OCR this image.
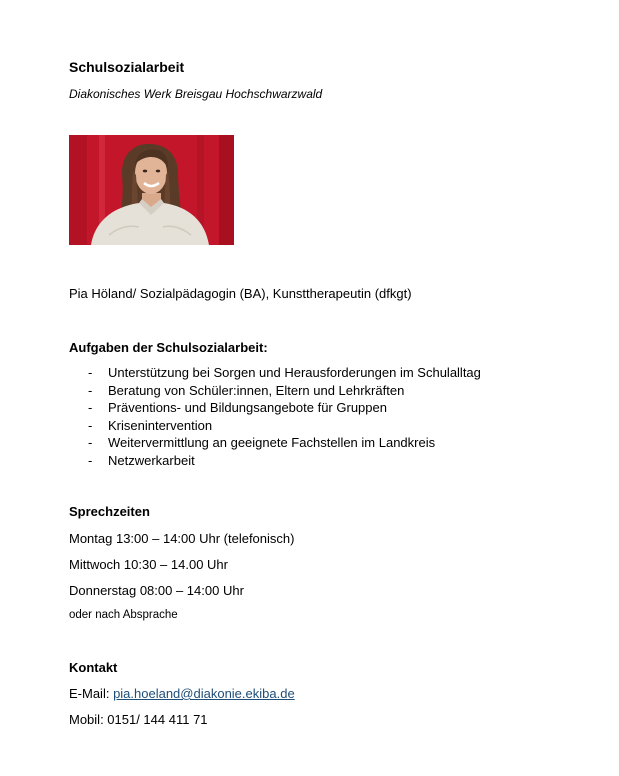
Schulsozialarbeit
Diakonisches Werk Breisgau Hochschwarzwald
Pia Höland/ Sozialpädagogin (BA), Kunsttherapeutin (dfkgt)
Aufgaben der Schulsozialarbeit:
- Unterstützung bei Sorgen und Herausforderungen im Schulalltag
- Beratung von Schüler:innen, Eltern und Lehrkräften
- Präventions- und Bildungsangebote für Gruppen
- Krisenintervention
- Weitervermittlung an geeignete Fachstellen im Landkreis
- Netzwerkarbeit
Sprechzeiten
Montag 13:00 – 14:00 Uhr (telefonisch)
Mittwoch 10:30 – 14.00 Uhr
Donnerstag 08:00 – 14:00 Uhr
oder nach Absprache
Kontakt
E-Mail: pia.hoeland@diakonie.ekiba.de
Mobil: 0151/ 144 411 71
